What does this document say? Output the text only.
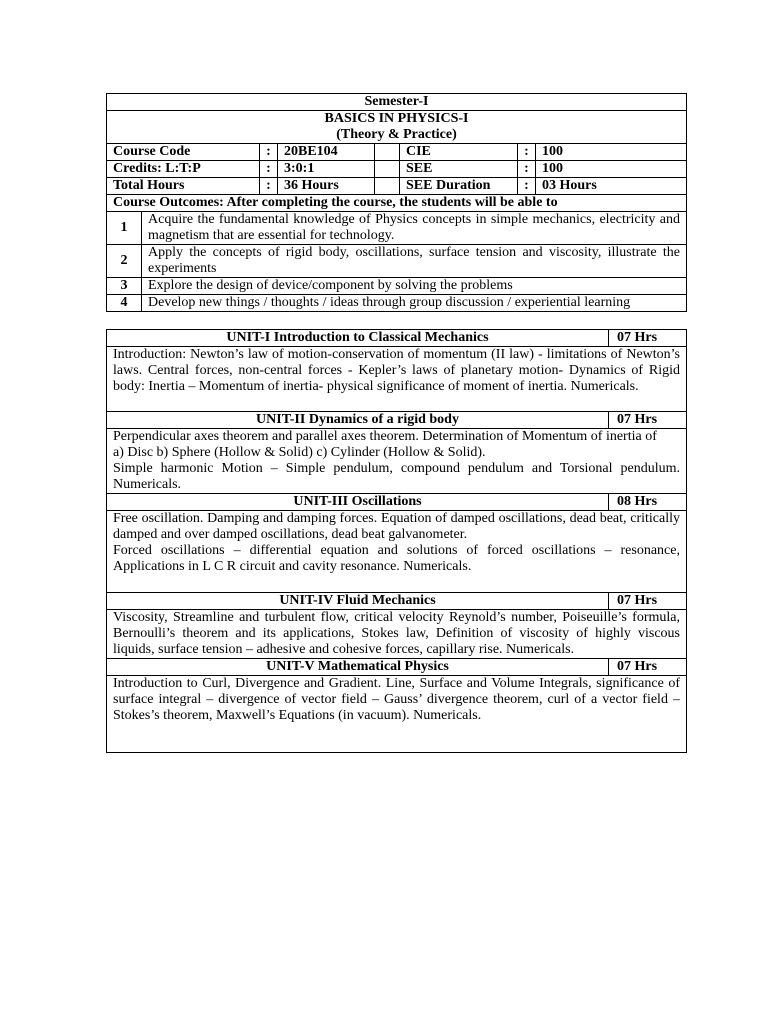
Semester-I							

BASICS IN PHYSICS-I
(Theory & Practice)							

Course Code		:	20BE104		CIE	:	100
Credits: L:T:P		:	3:0:1		SEE	:	100
Total Hours		:	36 Hours		SEE Duration	:	03 Hours
Course Outcomes: After completing the course, the students will be able to							
1	Acquire the fundamental knowledge of Physics concepts in simple mechanics, electricity and magnetism that are essential for technology.						
2	Apply the concepts of rigid body, oscillations, surface tension and viscosity, illustrate the experiments						
3	Explore the design of device/component by solving the problems						
4	Develop new things / thoughts / ideas through group discussion / experiential learning						
UNIT-I Introduction to Classical Mechanics	07 Hrs

Introduction: Newton’s law of motion-conservation of momentum (II law) - limitations of Newton’s laws. Central forces, non-central forces - Kepler’s laws of planetary motion- Dynamics of Rigid body: Inertia – Momentum of inertia- physical significance of moment of inertia. Numericals.	

UNIT-II Dynamics of a rigid body	07 Hrs

Perpendicular axes theorem and parallel axes theorem. Determination of Momentum of inertia of
a) Disc b) Sphere (Hollow & Solid) c) Cylinder (Hollow & Solid).
Simple harmonic Motion – Simple pendulum, compound pendulum and Torsional pendulum. Numericals.	

UNIT-III Oscillations	08 Hrs

Free oscillation. Damping and damping forces. Equation of damped oscillations, dead beat, critically damped and over damped oscillations, dead beat galvanometer.
Forced oscillations – differential equation and solutions of forced oscillations – resonance, Applications in L C R circuit and cavity resonance. Numericals.	

UNIT-IV Fluid Mechanics	07 Hrs

Viscosity, Streamline and turbulent flow, critical velocity Reynold’s number, Poiseuille’s formula, Bernoulli’s theorem and its applications, Stokes law, Definition of viscosity of highly viscous liquids, surface tension – adhesive and cohesive forces, capillary rise. Numericals.	

UNIT-V Mathematical Physics	07 Hrs

Introduction to Curl, Divergence and Gradient. Line, Surface and Volume Integrals, significance of surface integral – divergence of vector field – Gauss’ divergence theorem, curl of a vector field – Stokes’s theorem, Maxwell’s Equations (in vacuum). Numericals.	
